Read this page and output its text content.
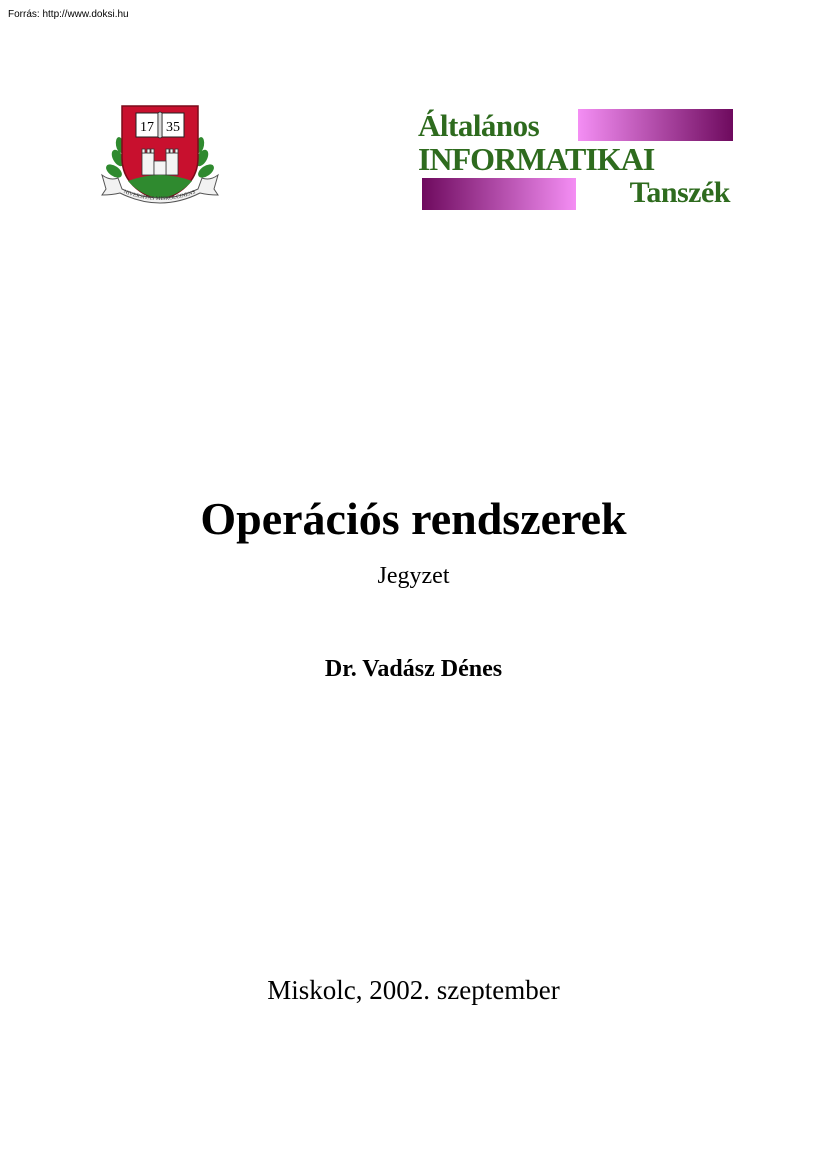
Forrás: http://www.doksi.hu
17 35
NIVERSITAS MISKOLCINENS
Általános
INFORMATIKAI
Tanszék
Operációs rendszerek
Jegyzet
Dr. Vadász Dénes
Miskolc, 2002. szeptember
